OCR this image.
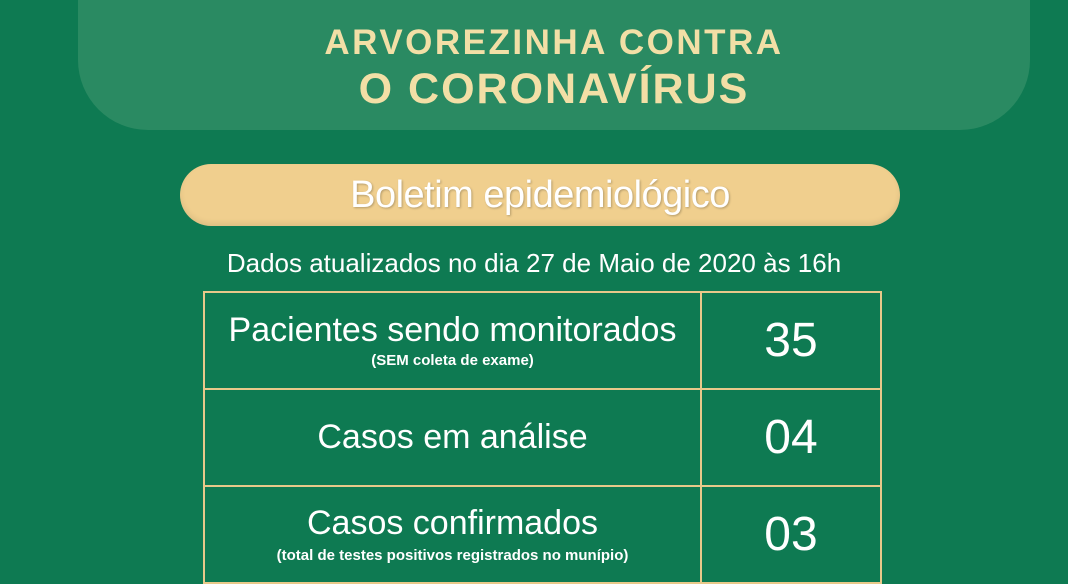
ARVOREZINHA CONTRA
O CORONAVÍRUS
Boletim epidemiológico
Dados atualizados no dia 27 de Maio de 2020 às 16h
Pacientes sendo monitorados
(SEM coleta de exame)	35
Casos em análise	04
Casos confirmados
(total de testes positivos registrados no munípio)	03
